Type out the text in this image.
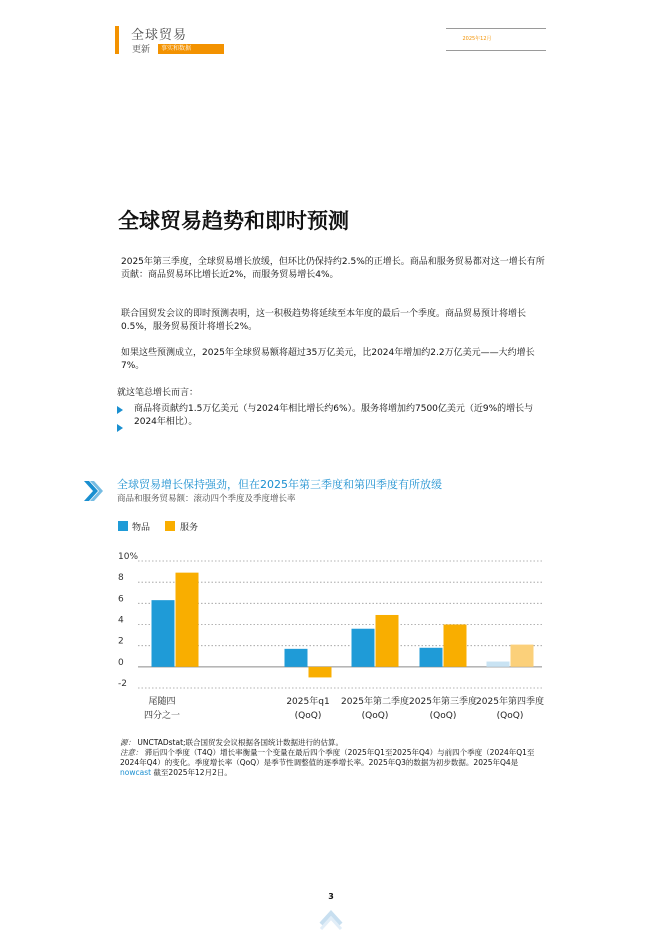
全球贸易
更新	事实和数据
2025年12月
全球贸易趋势和即时预测
2025年第三季度，全球贸易增长放缓，但环比仍保持约2.5%的正增长。商品和服务贸易都对这一增长有所贡献：商品贸易环比增长近2%，而服务贸易增长4%。
联合国贸发会议的即时预测表明，这一积极趋势将延续至本年度的最后一个季度。商品贸易预计将增长0.5%，服务贸易预计将增长2%。
如果这些预测成立，2025年全球贸易额将超过35万亿美元，比2024年增加约2.2万亿美元——大约增长7%。
就这笔总增长而言：
商品将贡献约1.5万亿美元（与2024年相比增长约6%）。服务将增加约7500亿美元（近9%的增长与2024年相比）。
全球贸易增长保持强劲，但在2025年第三季度和第四季度有所放缓
商品和服务贸易额：滚动四个季度及季度增长率
物品	服务
-2
0
2
4
6
8
10%
尾随四
四分之一
2025年q1
(QoQ)
2025年第二季度
(QoQ)
2025年第三季度
(QoQ)
2025年第四季度
(QoQ)
源： UNCTADstat;联合国贸发会议根据各国统计数据进行的估算。
注意： 滞后四个季度（T4Q）增长率衡量一个变量在最后四个季度（2025年Q1至2025年Q4）与前四个季度（2024年Q1至2024年Q4）的变化。季度增长率（QoQ）是季节性调整值的逐季增长率。2025年Q3的数据为初步数据。2025年Q4是 nowcast 截至2025年12月2日。
3
